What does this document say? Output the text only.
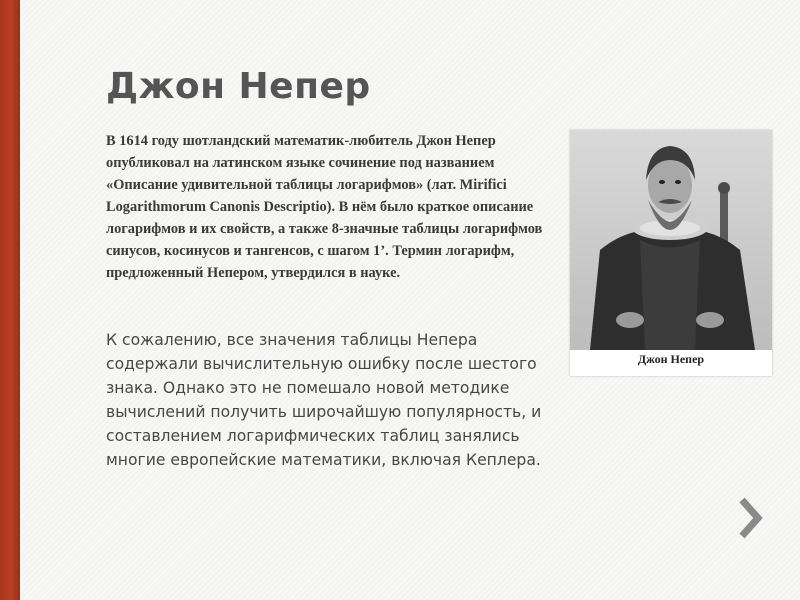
Джон Непер

В 1614 году шотландский математик-любитель Джон Непер опубликовал на латинском языке сочинение под названием «Описание удивительной таблицы логарифмов» (лат. Mirifici Logarithmorum Canonis Descriptio). В нём было краткое описание логарифмов и их свойств, а также 8-значные таблицы логарифмов синусов, косинусов и тангенсов, с шагом 1’. Термин логарифм, предложенный Непером, утвердился в науке.

К сожалению, все значения таблицы Непера содержали вычислительную ошибку после шестого знака. Однако это не помешало новой методике вычислений получить широчайшую популярность, и составлением логарифмических таблиц занялись многие европейские математики, включая Кеплера.

Джон Непер
